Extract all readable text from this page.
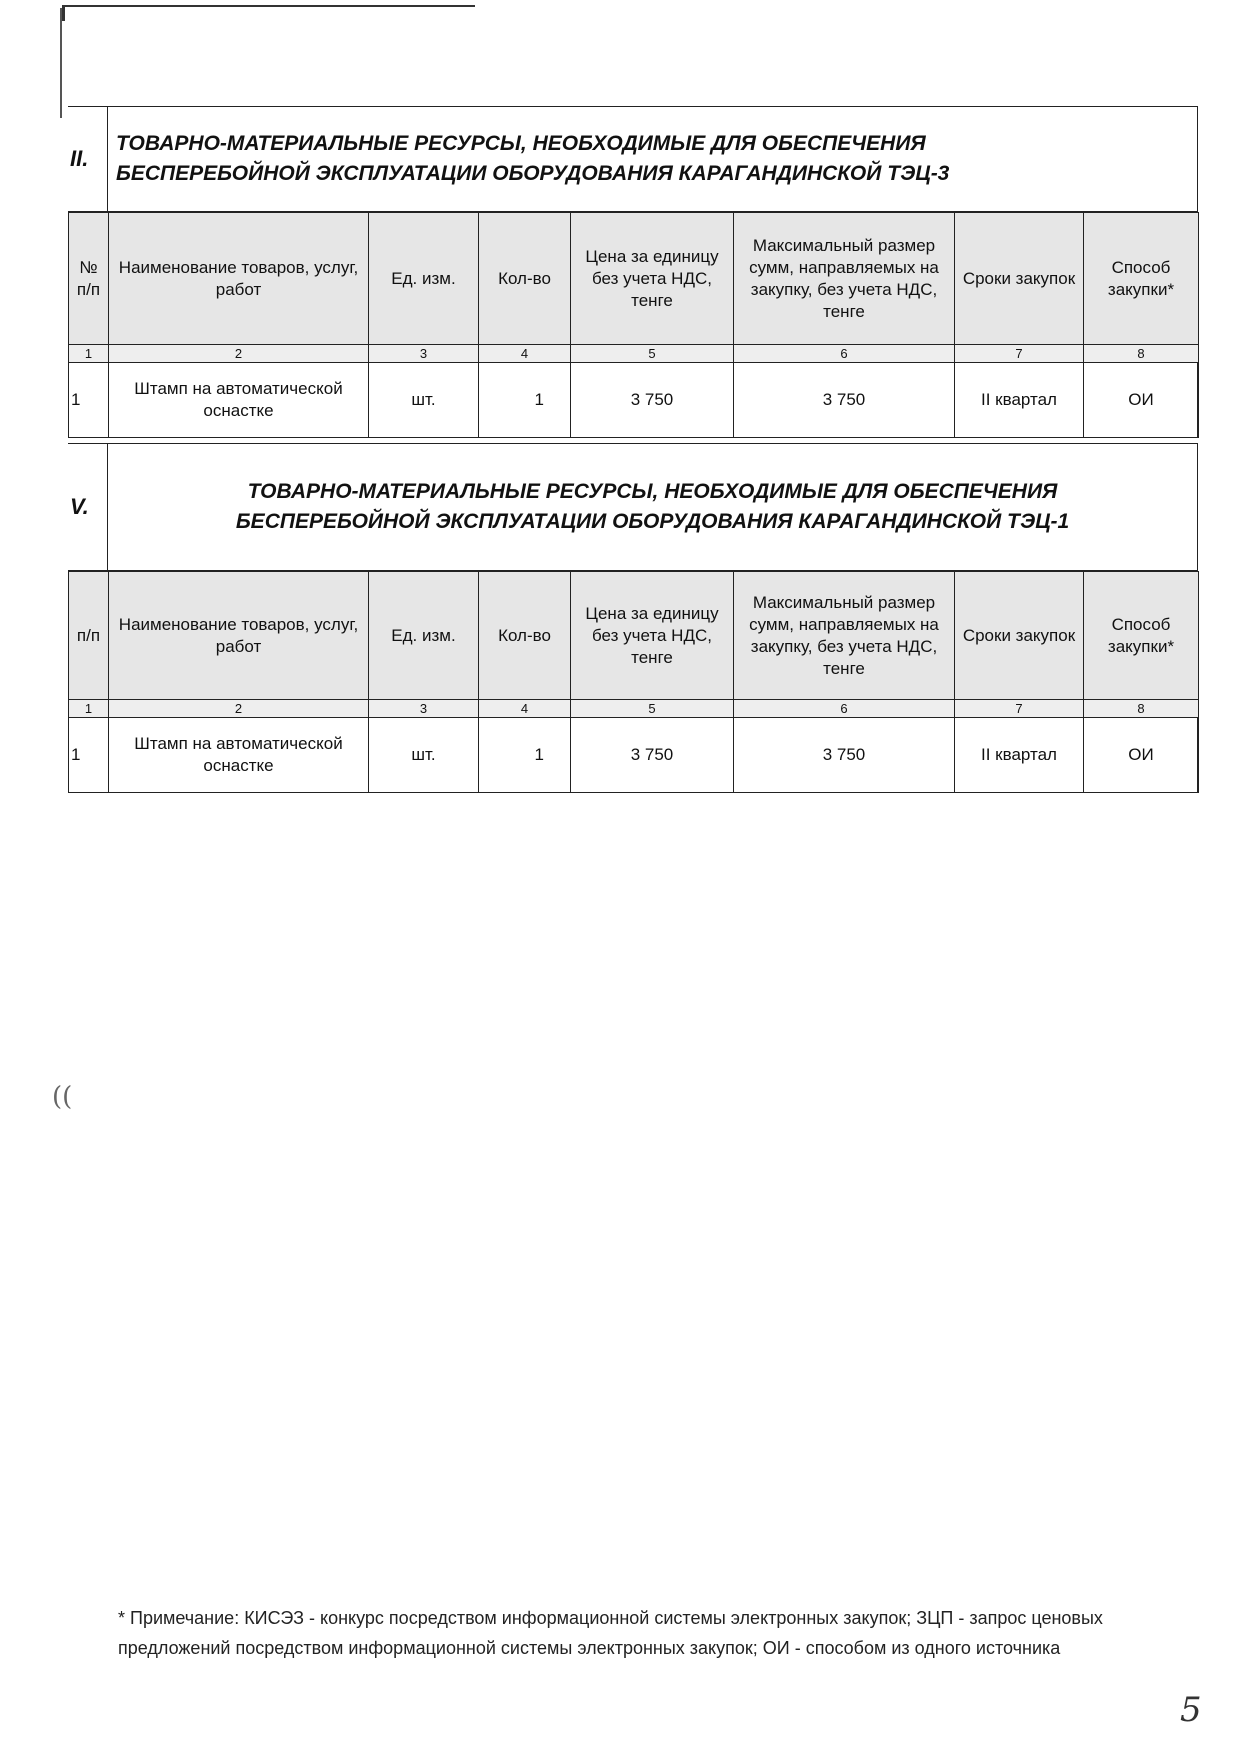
II.
ТОВАРНО-МАТЕРИАЛЬНЫЕ РЕСУРСЫ, НЕОБХОДИМЫЕ ДЛЯ ОБЕСПЕЧЕНИЯ
БЕСПЕРЕБОЙНОЙ ЭКСПЛУАТАЦИИ ОБОРУДОВАНИЯ КАРАГАНДИНСКОЙ ТЭЦ-3
№ п/п	Наименование товаров, услуг, работ	Ед. изм.	Кол-во	Цена за единицу без учета НДС, тенге	Максимальный размер сумм, направляемых на закупку, без учета НДС, тенге	Сроки закупок	Способ закупки*
1	2	3	4	5	6	7	8
1	Штамп на автоматической оснастке	шт.	1	3 750	3 750	II квартал	ОИ
V.
ТОВАРНО-МАТЕРИАЛЬНЫЕ РЕСУРСЫ, НЕОБХОДИМЫЕ ДЛЯ ОБЕСПЕЧЕНИЯ
БЕСПЕРЕБОЙНОЙ ЭКСПЛУАТАЦИИ ОБОРУДОВАНИЯ КАРАГАНДИНСКОЙ ТЭЦ-1
п/п	Наименование товаров, услуг, работ	Ед. изм.	Кол-во	Цена за единицу без учета НДС, тенге	Максимальный размер сумм, направляемых на закупку, без учета НДС, тенге	Сроки закупок	Способ закупки*
1	2	3	4	5	6	7	8
1	Штамп на автоматической оснастке	шт.	1	3 750	3 750	II квартал	ОИ
((
* Примечание: КИСЭЗ - конкурс посредством информационной системы электронных закупок; ЗЦП - запрос ценовых предложений посредством информационной системы электронных закупок; ОИ - способом из одного источника
5
